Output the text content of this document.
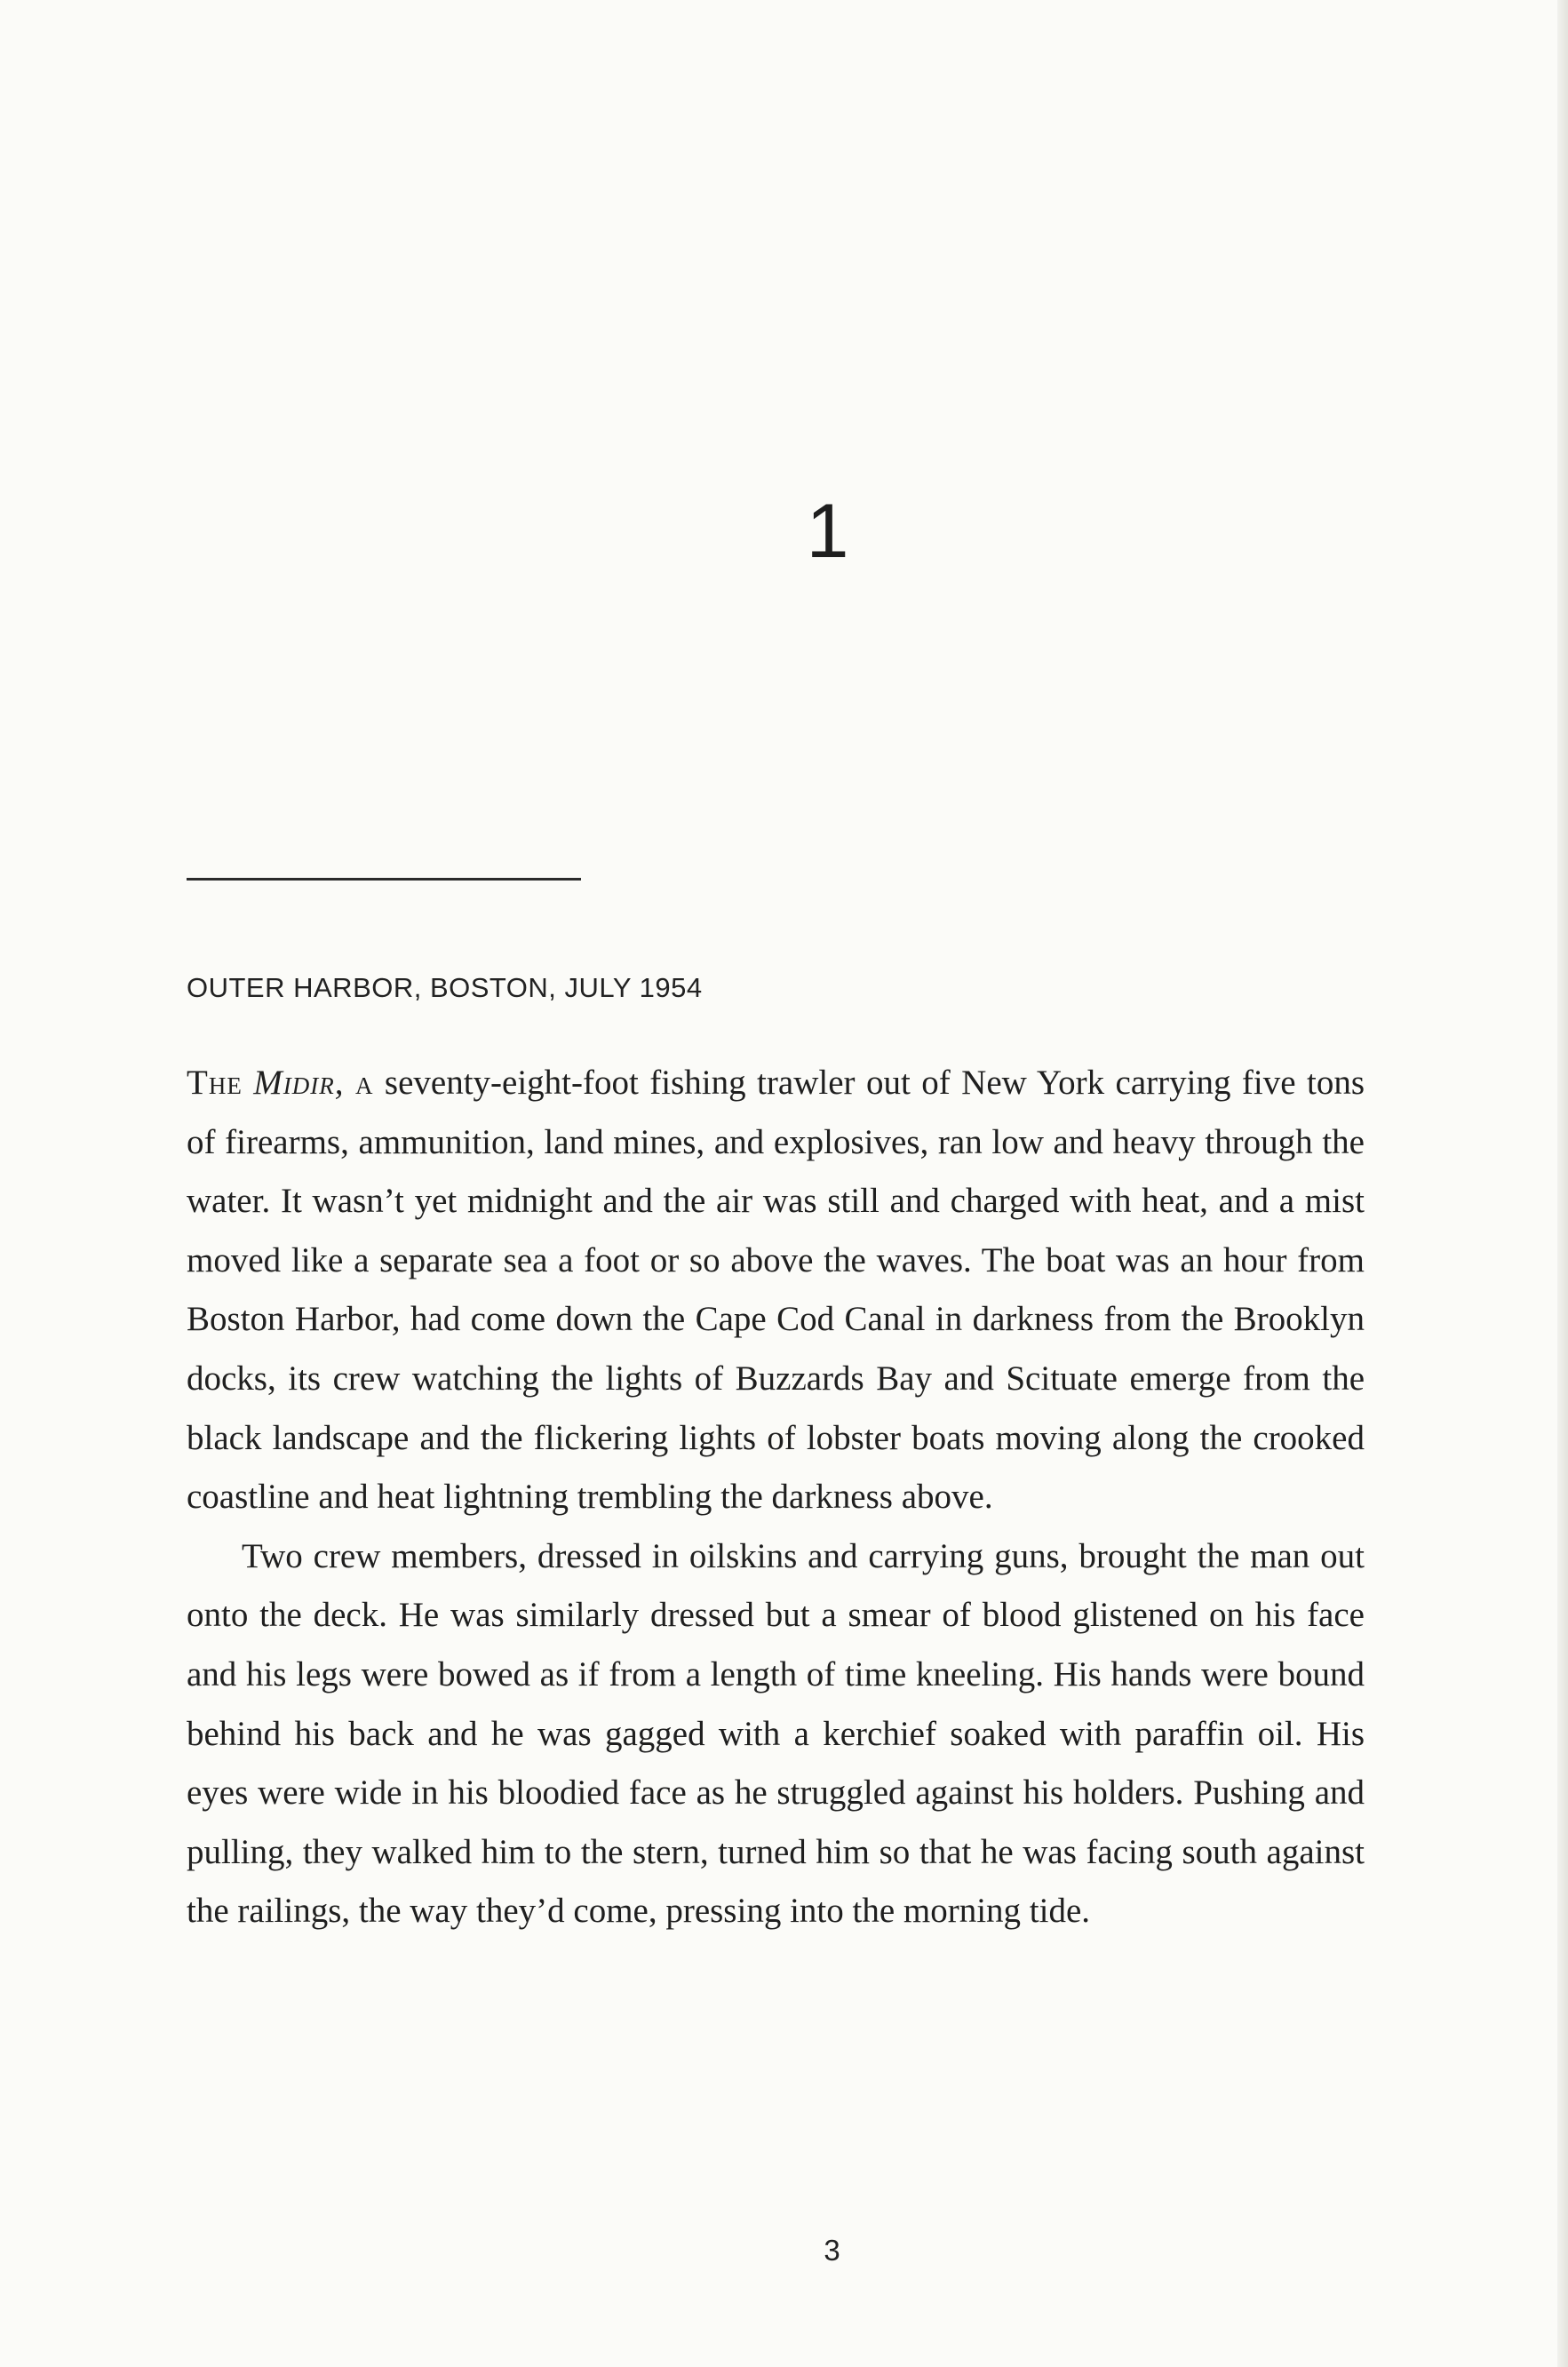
1
OUTER HARBOR, BOSTON, JULY 1954

The Midir, a seventy-eight-foot fishing trawler out of New York carrying five tons of firearms, ammunition, land mines, and explosives, ran low and heavy through the water. It wasn’t yet midnight and the air was still and charged with heat, and a mist moved like a separate sea a foot or so above the waves. The boat was an hour from Boston Harbor, had come down the Cape Cod Canal in darkness from the Brooklyn docks, its crew watching the lights of Buzzards Bay and Scituate emerge from the black landscape and the flickering lights of lobster boats moving along the crooked coastline and heat lightning trembling the darkness above.

Two crew members, dressed in oilskins and carrying guns, brought the man out onto the deck. He was similarly dressed but a smear of blood glistened on his face and his legs were bowed as if from a length of time kneeling. His hands were bound behind his back and he was gagged with a kerchief soaked with paraffin oil. His eyes were wide in his bloodied face as he struggled against his holders. Pushing and pulling, they walked him to the stern, turned him so that he was facing south against the railings, the way they’d come, pressing into the morning tide.

3
